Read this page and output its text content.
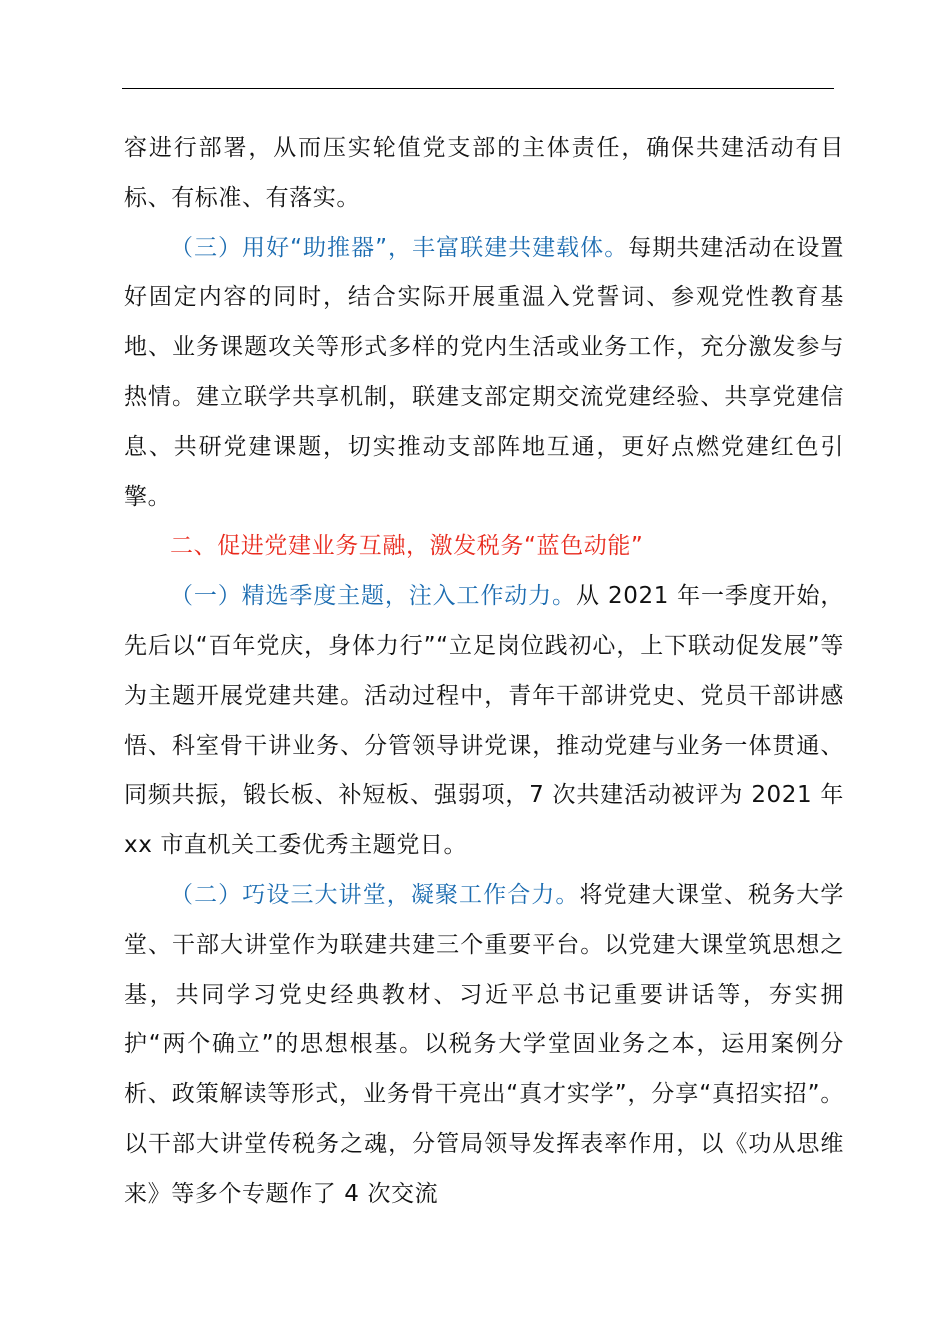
容进行部署，从而压实轮值党支部的主体责任，确保共建活动有目标、有标准、有落实。

（三）用好“助推器”，丰富联建共建载体。每期共建活动在设置好固定内容的同时，结合实际开展重温入党誓词、参观党性教育基地、业务课题攻关等形式多样的党内生活或业务工作，充分激发参与热情。建立联学共享机制，联建支部定期交流党建经验、共享党建信息、共研党建课题，切实推动支部阵地互通，更好点燃党建红色引擎。

二、促进党建业务互融，激发税务“蓝色动能”

（一）精选季度主题，注入工作动力。从 2021 年一季度开始，先后以“百年党庆，身体力行”“立足岗位践初心，上下联动促发展”等为主题开展党建共建。活动过程中，青年干部讲党史、党员干部讲感悟、科室骨干讲业务、分管领导讲党课，推动党建与业务一体贯通、同频共振，锻长板、补短板、强弱项，7 次共建活动被评为 2021 年 xx 市直机关工委优秀主题党日。

（二）巧设三大讲堂，凝聚工作合力。将党建大课堂、税务大学堂、干部大讲堂作为联建共建三个重要平台。以党建大课堂筑思想之基，共同学习党史经典教材、习近平总书记重要讲话等，夯实拥护“两个确立”的思想根基。以税务大学堂固业务之本，运用案例分析、政策解读等形式，业务骨干亮出“真才实学”，分享“真招实招”。以干部大讲堂传税务之魂，分管局领导发挥表率作用，以《功从思维来》等多个专题作了 4 次交流
